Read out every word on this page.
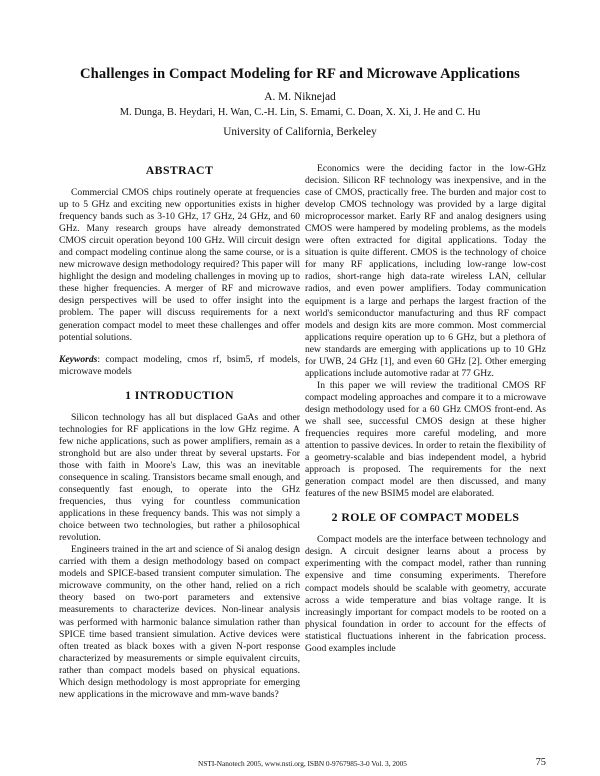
Challenges in Compact Modeling for RF and Microwave Applications
A. M. Niknejad
M. Dunga, B. Heydari, H. Wan, C.-H. Lin, S. Emami, C. Doan, X. Xi, J. He and C. Hu
University of California, Berkeley
ABSTRACT

Commercial CMOS chips routinely operate at frequencies up to 5 GHz and exciting new opportunities exists in higher frequency bands such as 3-10 GHz, 17 GHz, 24 GHz, and 60 GHz. Many research groups have already demonstrated CMOS circuit operation beyond 100 GHz. Will circuit design and compact modeling continue along the same course, or is a new microwave design methodology required? This paper will highlight the design and modeling challenges in moving up to these higher frequencies. A merger of RF and microwave design perspectives will be used to offer insight into the problem. The paper will discuss requirements for a next generation compact model to meet these challenges and offer potential solutions.

Keywords: compact modeling, cmos rf, bsim5, rf models, microwave models

1 INTRODUCTION

Silicon technology has all but displaced GaAs and other technologies for RF applications in the low GHz regime. A few niche applications, such as power amplifiers, remain as a stronghold but are also under threat by several upstarts. For those with faith in Moore's Law, this was an inevitable consequence in scaling. Transistors became small enough, and consequently fast enough, to operate into the GHz frequencies, thus vying for countless communication applications in these frequency bands. This was not simply a choice between two technologies, but rather a philosophical revolution.

Engineers trained in the art and science of Si analog design carried with them a design methodology based on compact models and SPICE-based transient computer simulation. The microwave community, on the other hand, relied on a rich theory based on two-port parameters and extensive measurements to characterize devices. Non-linear analysis was performed with harmonic balance simulation rather than SPICE time based transient simulation. Active devices were often treated as black boxes with a given N-port response characterized by measurements or simple equivalent circuits, rather than compact models based on physical equations. Which design methodology is most appropriate for emerging new applications in the microwave and mm-wave bands?

Economics were the deciding factor in the low-GHz decision. Silicon RF technology was inexpensive, and in the case of CMOS, practically free. The burden and major cost to develop CMOS technology was provided by a large digital microprocessor market. Early RF and analog designers using CMOS were hampered by modeling problems, as the models were often extracted for digital applications. Today the situation is quite different. CMOS is the technology of choice for many RF applications, including low-range low-cost radios, short-range high data-rate wireless LAN, cellular radios, and even power amplifiers. Today communication equipment is a large and perhaps the largest fraction of the world's semiconductor manufacturing and thus RF compact models and design kits are more common. Most commercial applications require operation up to 6 GHz, but a plethora of new standards are emerging with applications up to 10 GHz for UWB, 24 GHz [1], and even 60 GHz [2]. Other emerging applications include automotive radar at 77 GHz.

In this paper we will review the traditional CMOS RF compact modeling approaches and compare it to a microwave design methodology used for a 60 GHz CMOS front-end. As we shall see, successful CMOS design at these higher frequencies requires more careful modeling, and more attention to passive devices. In order to retain the flexibility of a geometry-scalable and bias independent model, a hybrid approach is proposed. The requirements for the next generation compact model are then discussed, and many features of the new BSIM5 model are elaborated.

2 ROLE OF COMPACT MODELS

Compact models are the interface between technology and design. A circuit designer learns about a process by experimenting with the compact model, rather than running expensive and time consuming experiments. Therefore compact models should be scalable with geometry, accurate across a wide temperature and bias voltage range. It is increasingly important for compact models to be rooted on a physical foundation in order to account for the effects of statistical fluctuations inherent in the fabrication process. Good examples include

NSTI-Nanotech 2005, www.nsti.org, ISBN 0-9767985-3-0 Vol. 3, 2005	75
